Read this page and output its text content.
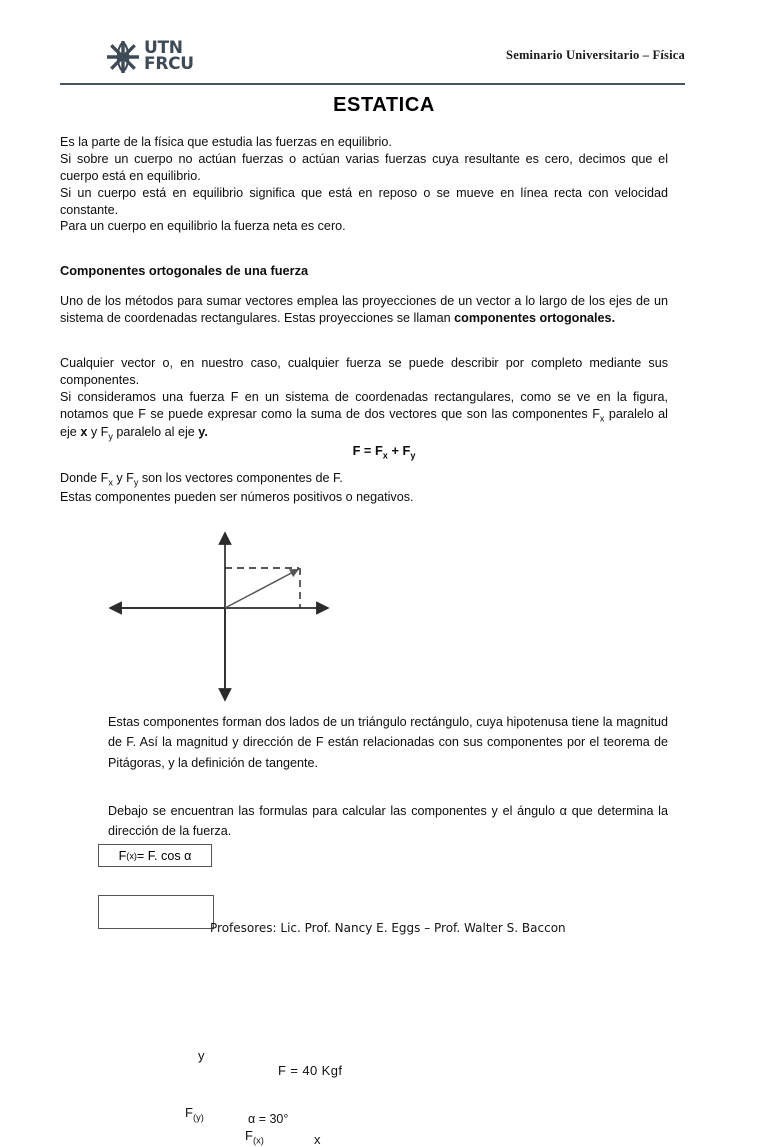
UTN
FRCU	Seminario Universitario – Física
ESTATICA
Es la parte de la física que estudia las fuerzas en equilibrio.
Si sobre un cuerpo no actúan fuerzas o actúan varias fuerzas cuya resultante es cero, decimos que el cuerpo está en equilibrio.
Si un cuerpo está en equilibrio significa que está en reposo o se mueve en línea recta con velocidad constante.
Para un cuerpo en equilibrio la fuerza neta es cero.
Componentes ortogonales de una fuerza
Uno de los métodos para sumar vectores emplea las proyecciones de un vector a lo largo de los ejes de un sistema de coordenadas rectangulares. Estas proyecciones se llaman componentes ortogonales.
Cualquier vector o, en nuestro caso, cualquier fuerza se puede describir por completo mediante sus componentes.
Si consideramos una fuerza F en un sistema de coordenadas rectangulares, como se ve en la figura, notamos que F se puede expresar como la suma de dos vectores que son las componentes $F_x$ paralelo al eje x y $F_y$ paralelo al eje y.
$F = F_x + F_y$
Donde $F_x$ y $F_y$ son los vectores componentes de F.
Estas componentes pueden ser números positivos o negativos.
y
x
F = 40 Kgf
α = 30°
$F_{(y)}$
$F_{(x)}$
Estas componentes forman dos lados de un triángulo rectángulo, cuya hipotenusa tiene la magnitud de F. Así la magnitud y dirección de F están relacionadas con sus componentes por el teorema de Pitágoras, y la definición de tangente.
Debajo se encuentran las formulas para calcular las componentes y el ángulo α que determina la dirección de la fuerza.
F (x) = F. cos α
Profesores: Lic. Prof. Nancy E. Eggs – Prof. Walter S. Baccon
